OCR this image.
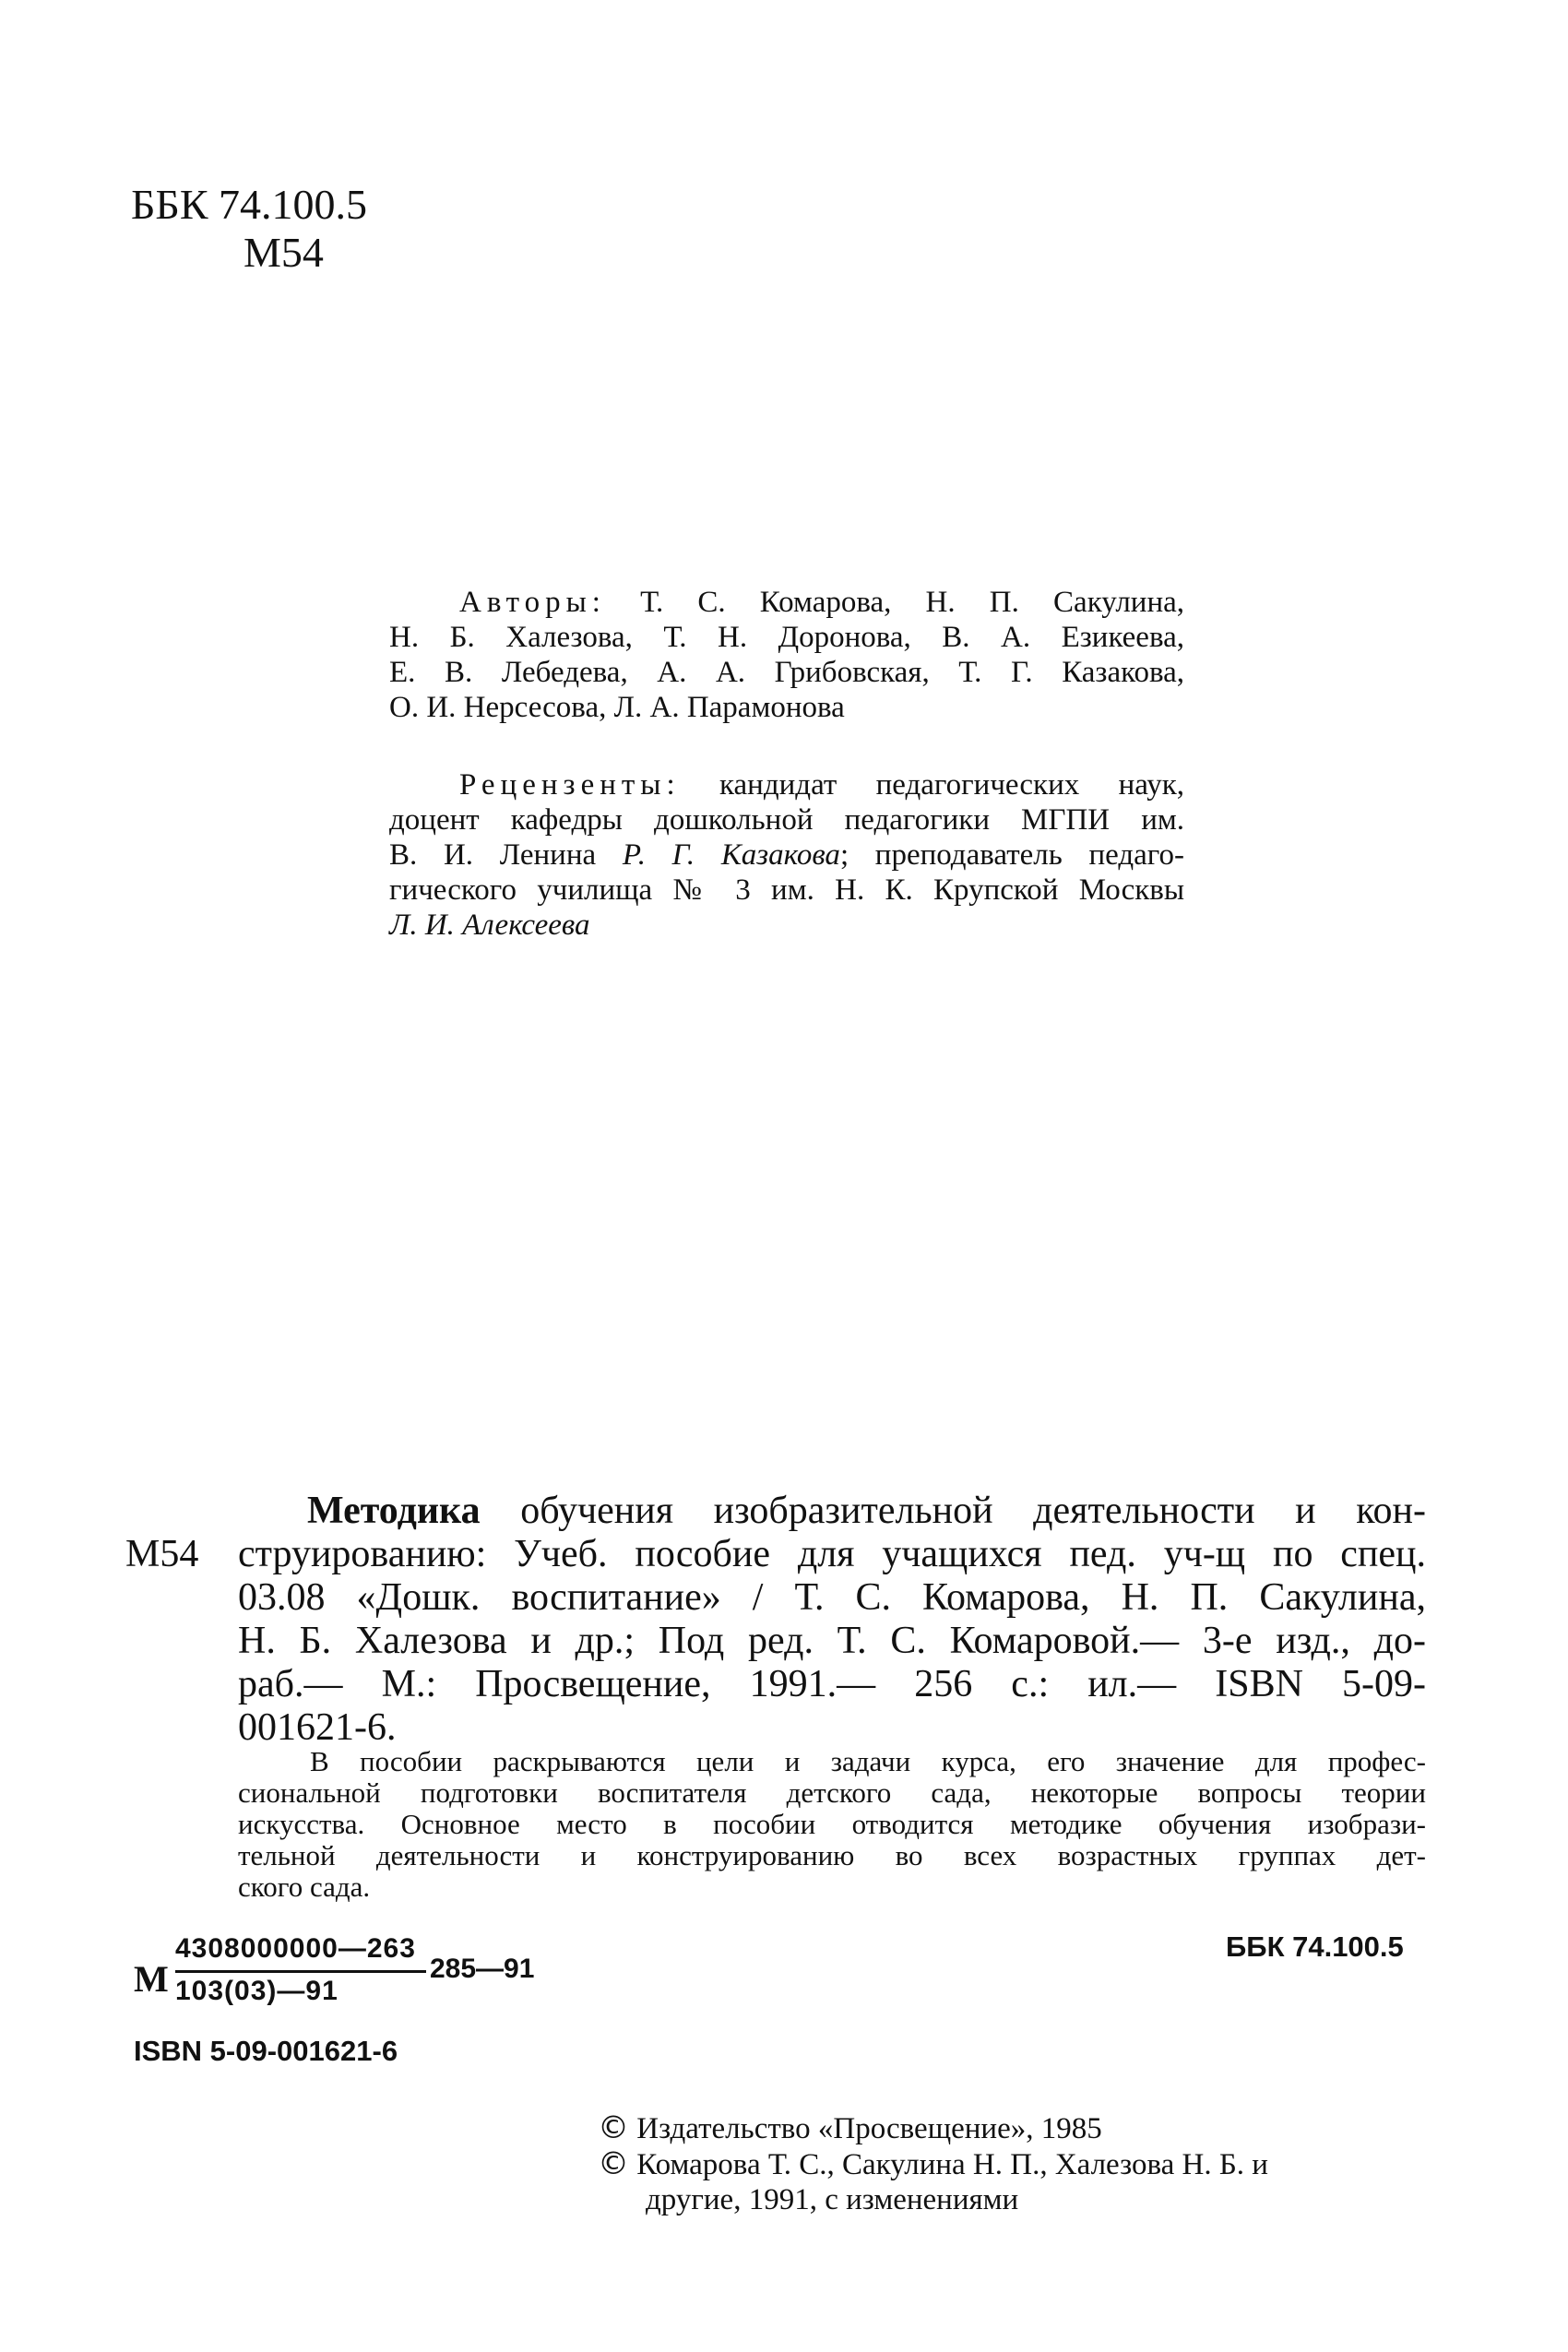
ББК 74.100.5
М54
Авторы: Т. С. Комарова, Н. П. Сакулина,
Н. Б. Халезова, Т. Н. Доронова, В. А. Езикеева,
Е. В. Лебедева, А. А. Грибовская, Т. Г. Казакова,
О. И. Нерсесова, Л. А. Парамонова
Рецензенты: кандидат педагогических наук,
доцент кафедры дошкольной педагогики МГПИ им.
В. И. Ленина Р. Г. Казакова; преподаватель педаго-
гического училища № 3 им. Н. К. Крупской Москвы
Л. И. Алексеева
М54
Методика обучения изобразительной деятельности и кон-
струированию: Учеб. пособие для учащихся пед. уч-щ по спец.
03.08 «Дошк. воспитание» / Т. С. Комарова, Н. П. Сакулина,
Н. Б. Халезова и др.; Под ред. Т. С. Комаровой.— 3-е изд., до-
раб.— М.: Просвещение, 1991.— 256 с.: ил.— ISBN 5-09-
001621-6.
В пособии раскрываются цели и задачи курса, его значение для профес-
сиональной подготовки воспитателя детского сада, некоторые вопросы теории
искусства. Основное место в пособии отводится методике обучения изобрази-
тельной деятельности и конструированию во всех возрастных группах дет-
ского сада.
М
4308000000—263
103(03)—91
285—91
ББК 74.100.5
ISBN 5-09-001621-6
© Издательство «Просвещение», 1985
© Комарова Т. С., Сакулина Н. П., Халезова Н. Б. и
другие, 1991, с изменениями
